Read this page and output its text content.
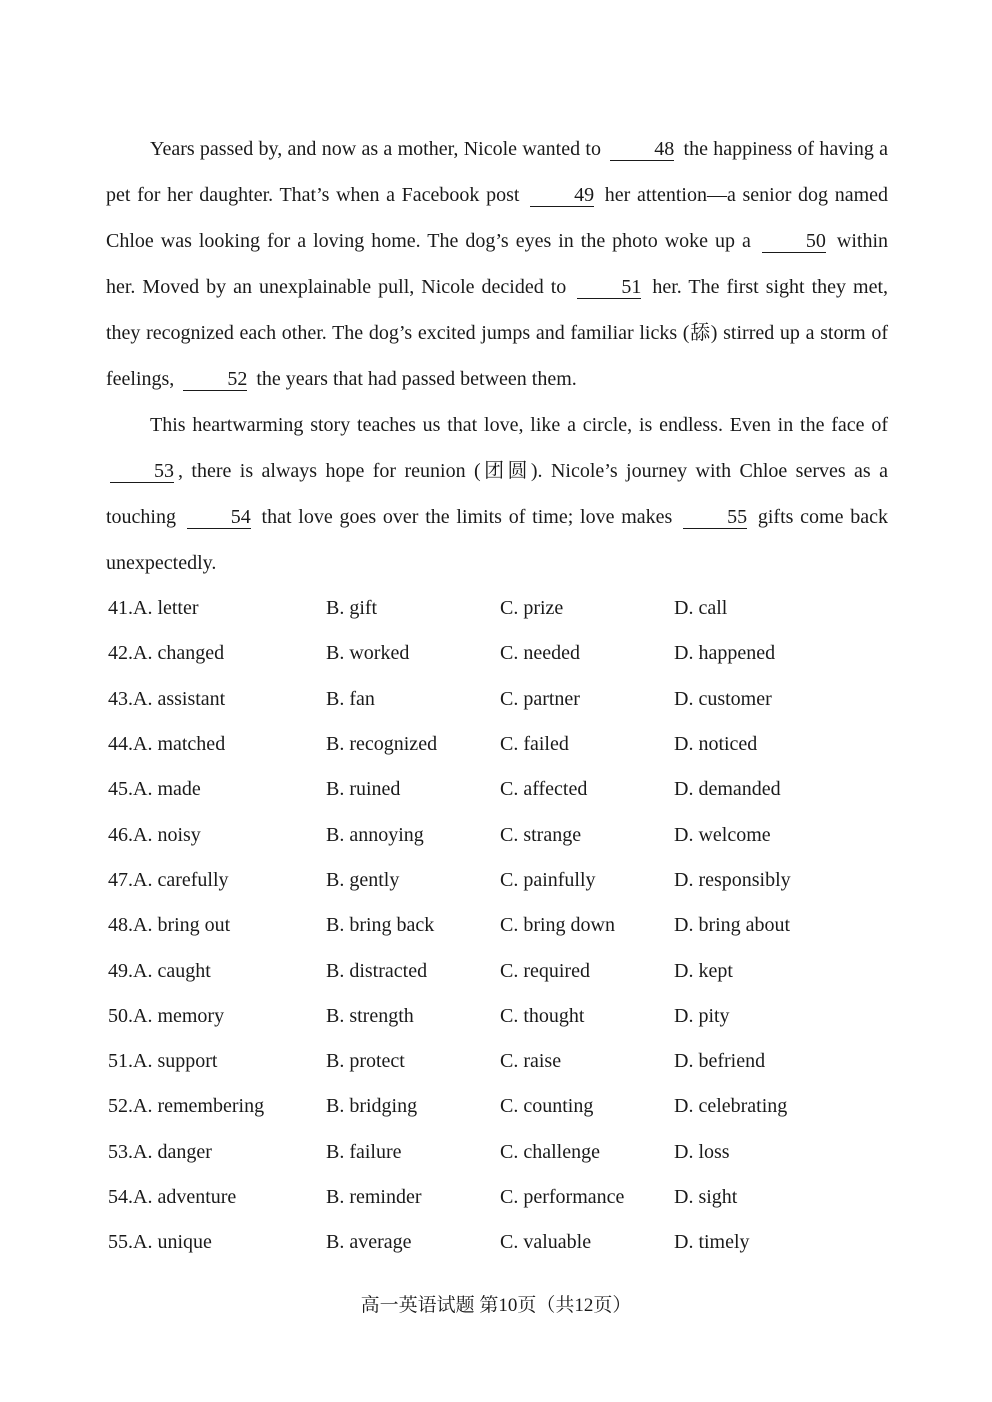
Years passed by, and now as a mother, Nicole wanted to	48 the happiness of having a pet for her daughter. That’s when a Facebook post	49 her attention—a senior dog named Chloe was looking for a loving home. The dog’s eyes in the photo woke up a	50 within her. Moved by an unexplainable pull, Nicole decided to	51 her. The first sight they met, they recognized each other. The dog’s excited jumps and familiar licks (舔) stirred up a storm of feelings,	52 the years that had passed between them.

This heartwarming story teaches us that love, like a circle, is endless. Even in the face of 53 , there is always hope for reunion (团圆). Nicole’s journey with Chloe serves as a touching	54 that love goes over the limits of time; love makes	55 gifts come back unexpectedly.

41.A. letter	B. gift	C. prize	D. call
42.A. changed	B. worked	C. needed	D. happened
43.A. assistant	B. fan	C. partner	D. customer
44.A. matched	B. recognized	C. failed	D. noticed
45.A. made	B. ruined	C. affected	D. demanded
46.A. noisy	B. annoying	C. strange	D. welcome
47.A. carefully	B. gently	C. painfully	D. responsibly
48.A. bring out	B. bring back	C. bring down	D. bring about
49.A. caught	B. distracted	C. required	D. kept
50.A. memory	B. strength	C. thought	D. pity
51.A. support	B. protect	C. raise	D. befriend
52.A. remembering	B. bridging	C. counting	D. celebrating
53.A. danger	B. failure	C. challenge	D. loss
54.A. adventure	B. reminder	C. performance	D. sight
55.A. unique	B. average	C. valuable	D. timely
高一英语试题 第10页（共12页）
